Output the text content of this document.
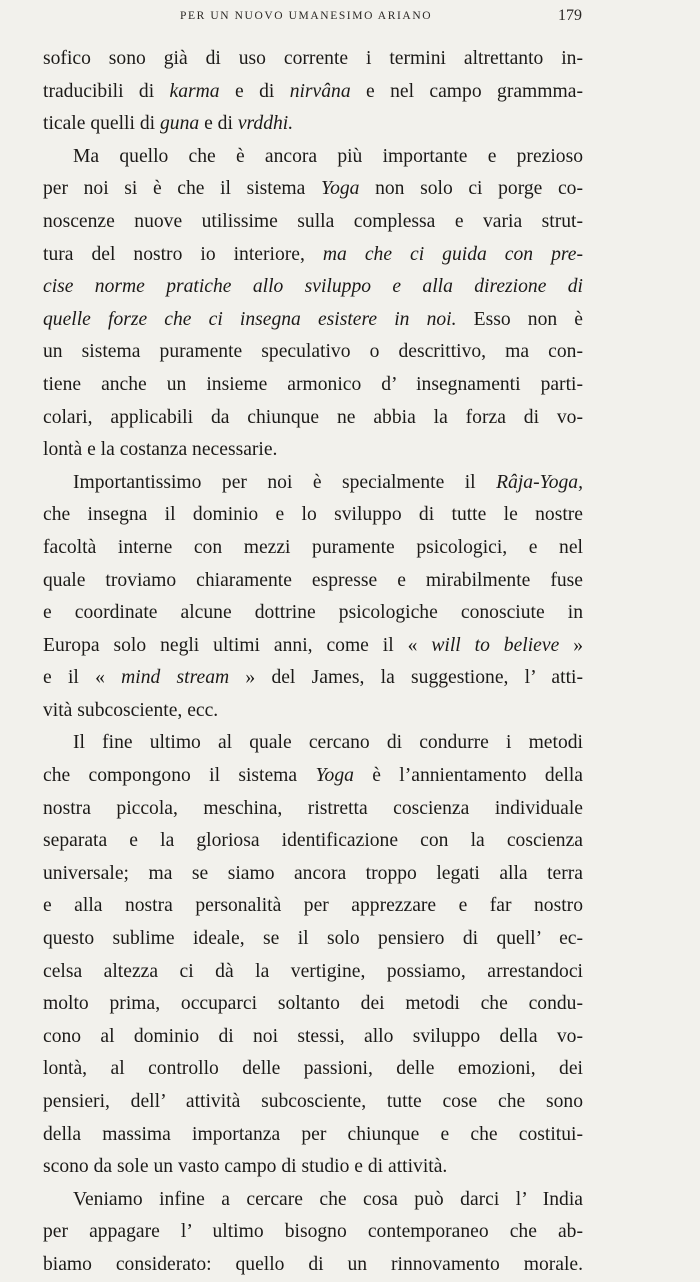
PER UN NUOVO UMANESIMO ARIANO	179
sofico sono già di uso corrente i termini altrettanto in-
traducibili di karma e di nirvâna e nel campo grammma-
ticale quelli di guna e di vrddhi.
Ma quello che è ancora più importante e prezioso
per noi si è che il sistema Yoga non solo ci porge co-
noscenze nuove utilissime sulla complessa e varia strut-
tura del nostro io interiore, ma che ci guida con pre-
cise norme pratiche allo sviluppo e alla direzione di
quelle forze che ci insegna esistere in noi. Esso non è
un sistema puramente speculativo o descrittivo, ma con-
tiene anche un insieme armonico d’ insegnamenti parti-
colari, applicabili da chiunque ne abbia la forza di vo-
lontà e la costanza necessarie.
Importantissimo per noi è specialmente il Râja-Yoga,
che insegna il dominio e lo sviluppo di tutte le nostre
facoltà interne con mezzi puramente psicologici, e nel
quale troviamo chiaramente espresse e mirabilmente fuse
e coordinate alcune dottrine psicologiche conosciute in
Europa solo negli ultimi anni, come il « will to believe »
e il « mind stream » del James, la suggestione, l’ atti-
vità subcosciente, ecc.
Il fine ultimo al quale cercano di condurre i metodi
che compongono il sistema Yoga è l’annientamento della
nostra piccola, meschina, ristretta coscienza individuale
separata e la gloriosa identificazione con la coscienza
universale; ma se siamo ancora troppo legati alla terra
e alla nostra personalità per apprezzare e far nostro
questo sublime ideale, se il solo pensiero di quell’ ec-
celsa altezza ci dà la vertigine, possiamo, arrestandoci
molto prima, occuparci soltanto dei metodi che condu-
cono al dominio di noi stessi, allo sviluppo della vo-
lontà, al controllo delle passioni, delle emozioni, dei
pensieri, dell’ attività subcosciente, tutte cose che sono
della massima importanza per chiunque e che costitui-
scono da sole un vasto campo di studio e di attività.
Veniamo infine a cercare che cosa può darci l’ India
per appagare l’ ultimo bisogno contemporaneo che ab-
biamo considerato: quello di un rinnovamento morale.
